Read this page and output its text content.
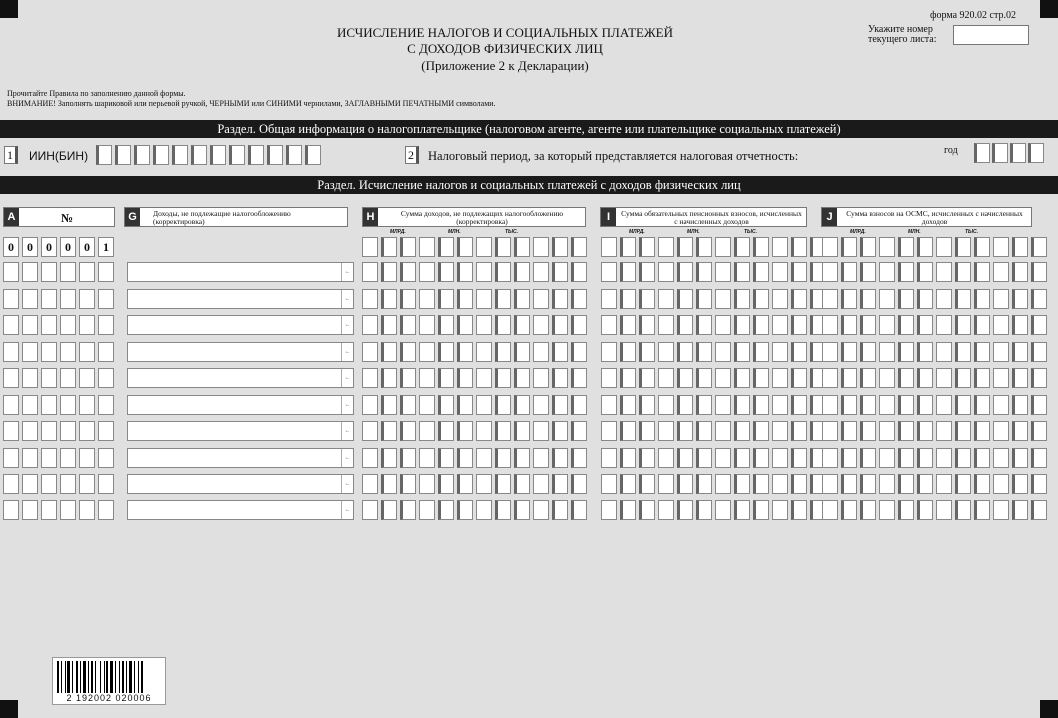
ИСЧИСЛЕНИЕ НАЛОГОВ И СОЦИАЛЬНЫХ ПЛАТЕЖЕЙ
С ДОХОДОВ ФИЗИЧЕСКИХ ЛИЦ
(Приложение 2 к Декларации)
форма 920.02 стр.02
Укажите номер
текущего листа:
Прочитайте Правила по заполнению данной формы.
ВНИМАНИЕ! Заполнять шариковой или перьевой ручкой, ЧЕРНЫМИ или СИНИМИ чернилами, ЗАГЛАВНЫМИ ПЕЧАТНЫМИ символами.
Раздел. Общая информация о налогоплательщике (налоговом агенте, агенте или плательщике социальных платежей)
1	ИИН(БИН)	2	Налоговый период, за который представляется налоговая отчетность:	год
Раздел. Исчисление налогов и социальных платежей с доходов физических лиц
A	№	G	Доходы, не подлежащие налогообложению (корректировка)	H	Сумма доходов, не подлежащих налогообложению (корректировка)	I	Сумма обязательных пенсионных взносов, исчисленных с начисленных доходов	J	Сумма взносов на ОСМС, исчисленных с начисленных доходов
МЛРД.	МЛН.	ТЫС.	МЛРД.	МЛН.	ТЫС.	МЛРД.	МЛН.	ТЫС.
0	0	0	0	0	1
←
←
←
←
←
←
←
←
←
←
2 192002 020006
